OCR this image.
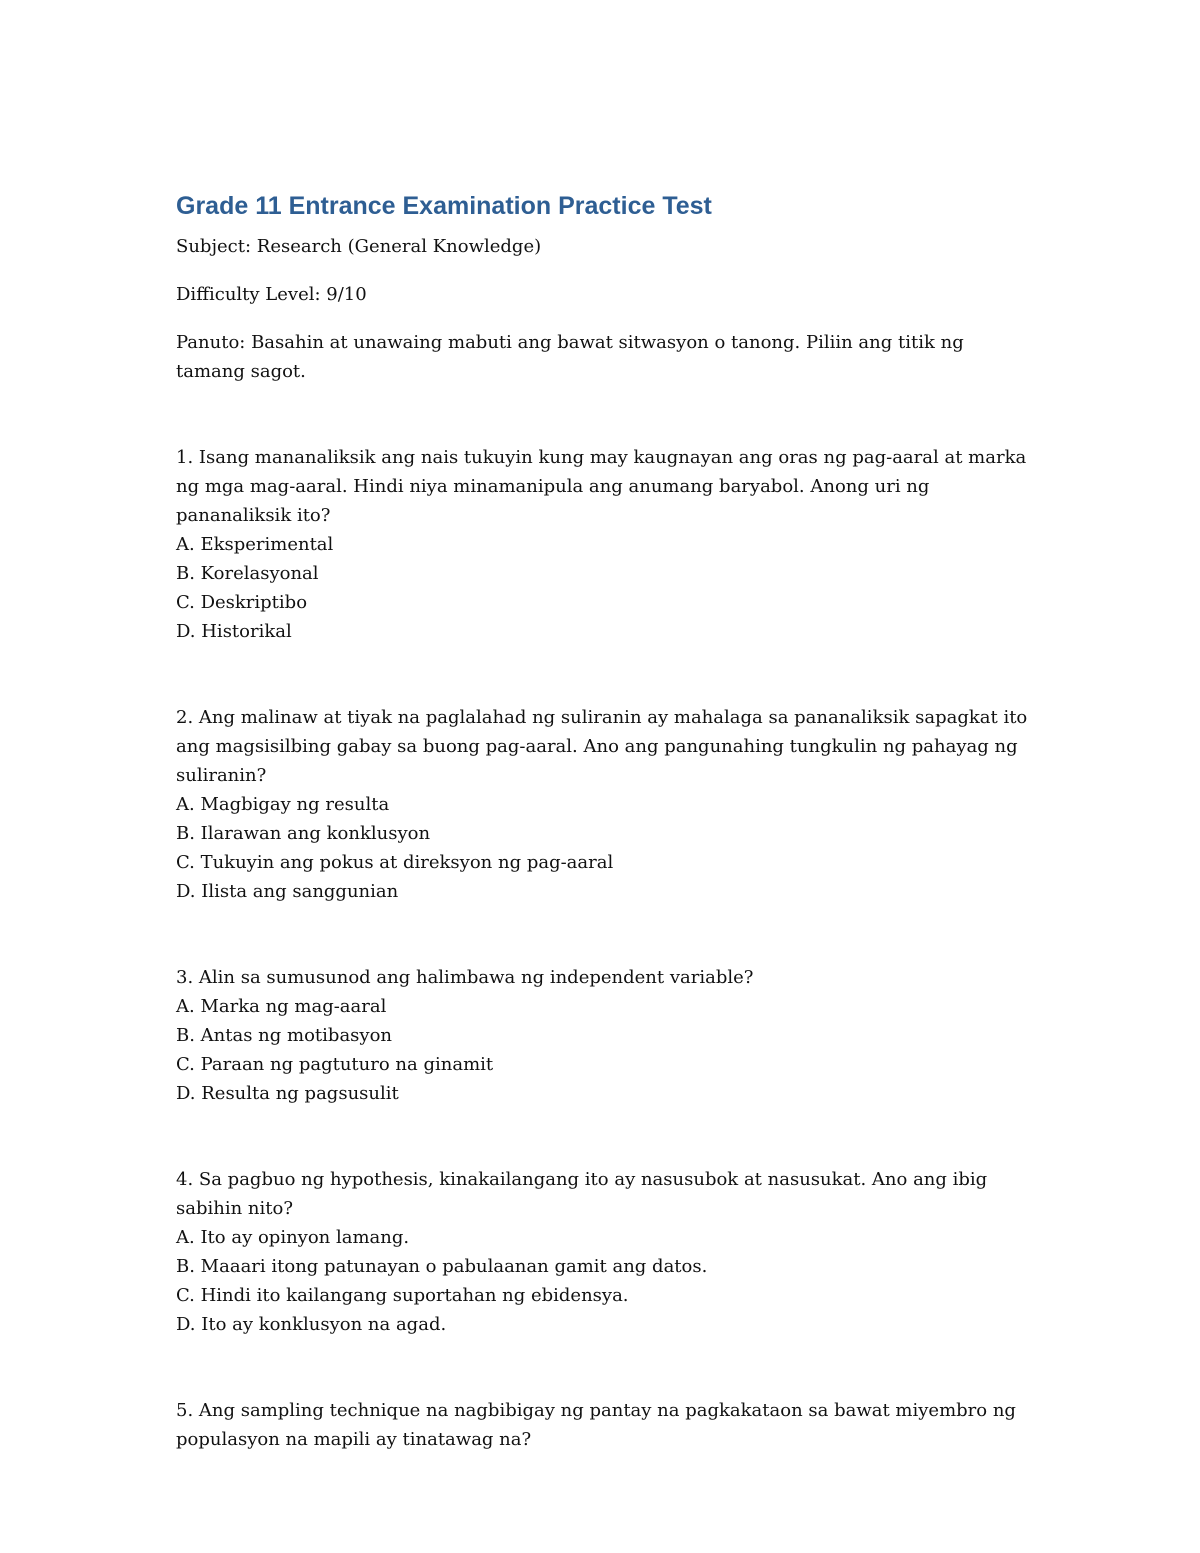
Grade 11 Entrance Examination Practice Test

Subject: Research (General Knowledge)

Difficulty Level: 9/10

Panuto: Basahin at unawaing mabuti ang bawat sitwasyon o tanong. Piliin ang titik ng tamang sagot.

1. Isang mananaliksik ang nais tukuyin kung may kaugnayan ang oras ng pag-aaral at marka ng mga mag-aaral. Hindi niya minamanipula ang anumang baryabol. Anong uri ng pananaliksik ito?

A. Eksperimental

B. Korelasyonal

C. Deskriptibo

D. Historikal

2. Ang malinaw at tiyak na paglalahad ng suliranin ay mahalaga sa pananaliksik sapagkat ito ang magsisilbing gabay sa buong pag-aaral. Ano ang pangunahing tungkulin ng pahayag ng suliranin?

A. Magbigay ng resulta

B. Ilarawan ang konklusyon

C. Tukuyin ang pokus at direksyon ng pag-aaral

D. Ilista ang sanggunian

3. Alin sa sumusunod ang halimbawa ng independent variable?

A. Marka ng mag-aaral

B. Antas ng motibasyon

C. Paraan ng pagtuturo na ginamit

D. Resulta ng pagsusulit

4. Sa pagbuo ng hypothesis, kinakailangang ito ay nasusubok at nasusukat. Ano ang ibig sabihin nito?

A. Ito ay opinyon lamang.

B. Maaari itong patunayan o pabulaanan gamit ang datos.

C. Hindi ito kailangang suportahan ng ebidensya.

D. Ito ay konklusyon na agad.

5. Ang sampling technique na nagbibigay ng pantay na pagkakataon sa bawat miyembro ng populasyon na mapili ay tinatawag na?
